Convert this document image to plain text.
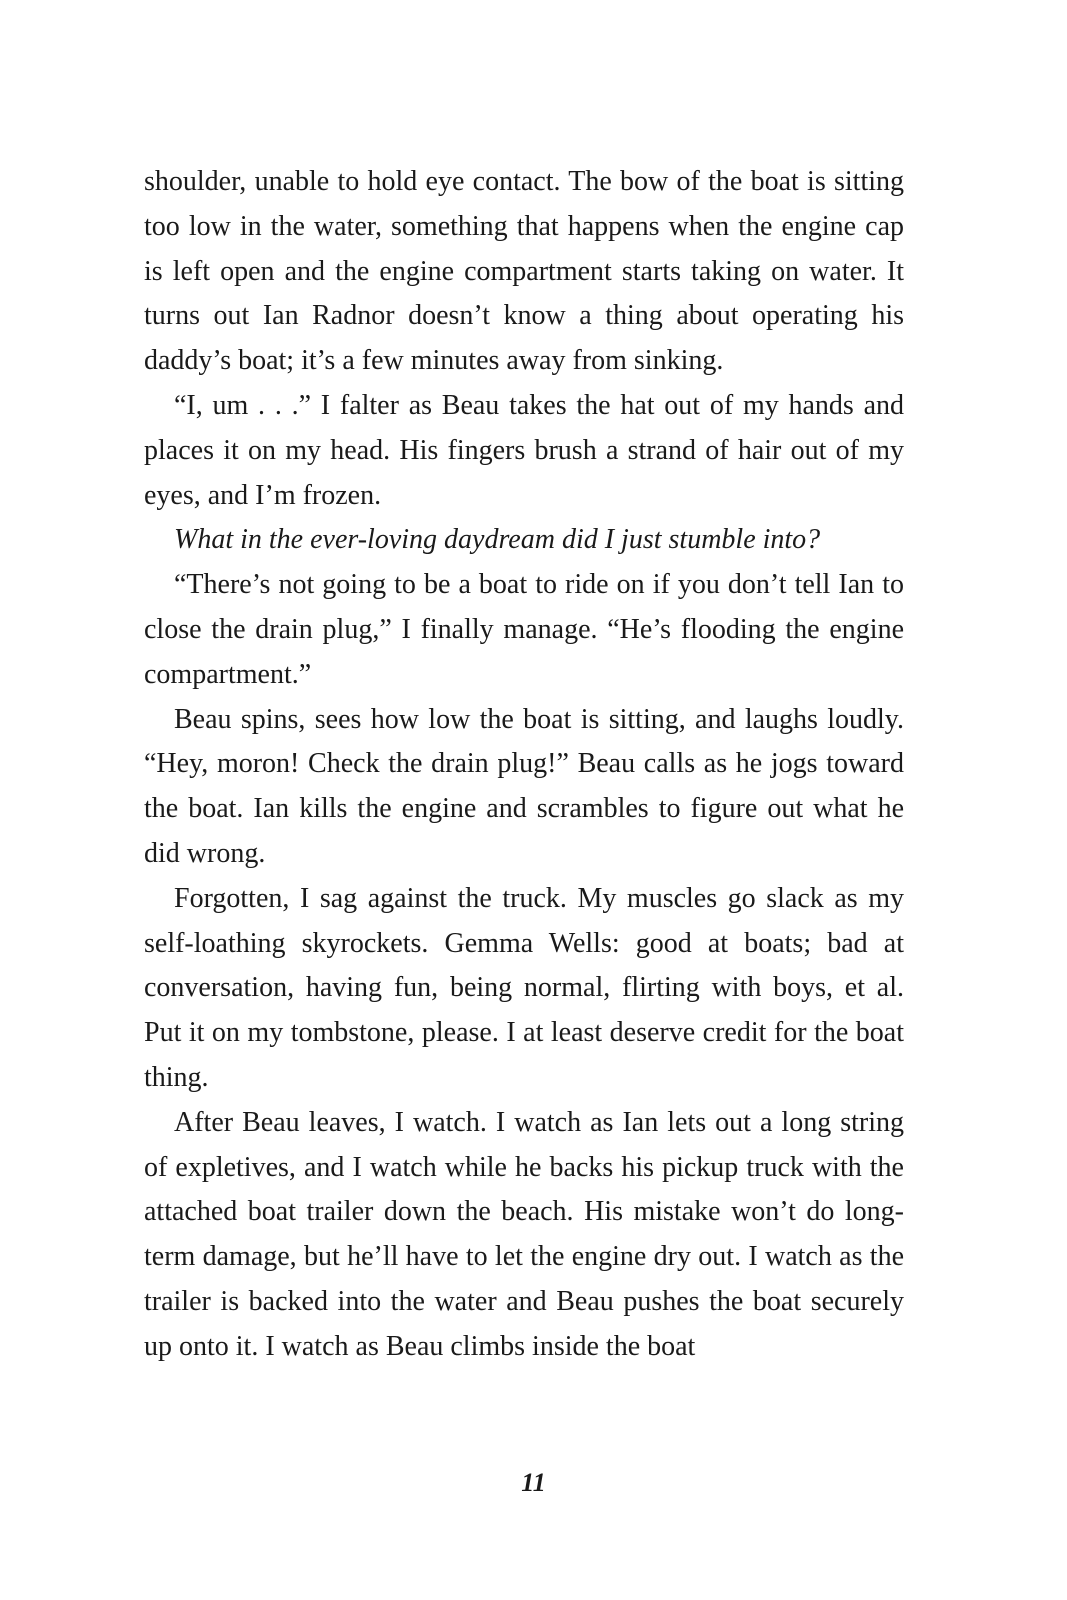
shoulder, unable to hold eye contact. The bow of the boat is sitting too low in the water, something that happens when the engine cap is left open and the engine compartment starts taking on water. It turns out Ian Radnor doesn’t know a thing about operating his daddy’s boat; it’s a few minutes away from sinking.

“I, um . . .” I falter as Beau takes the hat out of my hands and places it on my head. His fingers brush a strand of hair out of my eyes, and I’m frozen.

What in the ever-loving daydream did I just stumble into?

“There’s not going to be a boat to ride on if you don’t tell Ian to close the drain plug,” I finally manage. “He’s flooding the engine compartment.”

Beau spins, sees how low the boat is sitting, and laughs loudly. “Hey, moron! Check the drain plug!” Beau calls as he jogs toward the boat. Ian kills the engine and scrambles to figure out what he did wrong.

Forgotten, I sag against the truck. My muscles go slack as my self-loathing skyrockets. Gemma Wells: good at boats; bad at conversation, having fun, being normal, flirting with boys, et al. Put it on my tombstone, please. I at least deserve credit for the boat thing.

After Beau leaves, I watch. I watch as Ian lets out a long string of expletives, and I watch while he backs his pickup truck with the attached boat trailer down the beach. His mistake won’t do long-term damage, but he’ll have to let the engine dry out. I watch as the trailer is backed into the water and Beau pushes the boat securely up onto it. I watch as Beau climbs inside the boat

11
